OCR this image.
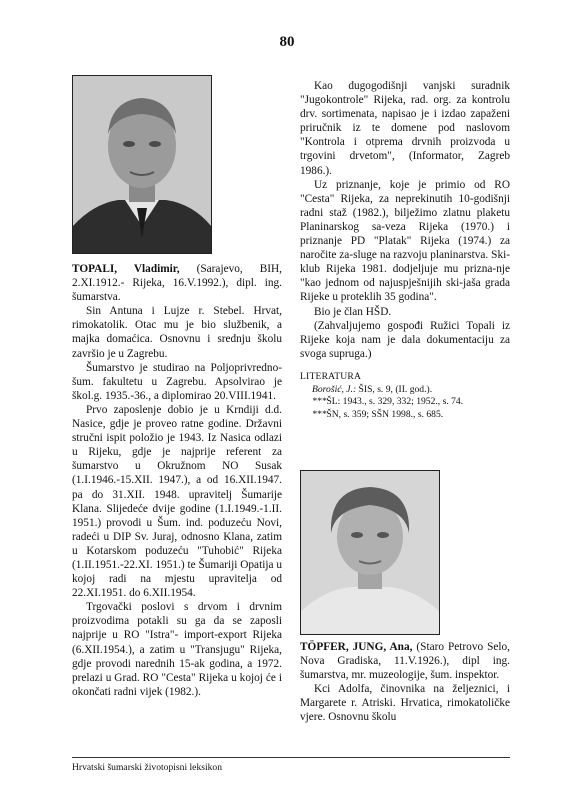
80

TOPALI, Vladimir, (Sarajevo, BIH, 2.XI.1912.- Rijeka, 16.V.1992.), dipl. ing. šumarstva.

Sin Antuna i Lujze r. Stebel. Hrvat, rimokatolik. Otac mu je bio službenik, a majka domaćica. Osnovnu i srednju školu završio je u Zagrebu.

Šumarstvo je studirao na Poljoprivredno-šum. fakultetu u Zagrebu. Apsolvirao je škol.g. 1935.-36., a diplomirao 20.VIII.1941.

Prvo zaposlenje dobio je u Krndiji d.d. Nasice, gdje je proveo ratne godine. Državni stručni ispit položio je 1943. Iz Nasica odlazi u Rijeku, gdje je najprije referent za šumarstvo u Okružnom NO Susak (1.I.1946.-15.XII. 1947.), a od 16.XII.1947. pa do 31.XII. 1948. upravitelj Šumarije Klana. Slijedeće dvije godine (1.I.1949.-1.II. 1951.) provodi u Šum. ind. poduzeću Novi, radeći u DIP Sv. Juraj, odnosno Klana, zatim u Kotarskom poduzeću "Tuhobić" Rijeka (1.II.1951.-22.XI. 1951.) te Šumariji Opatija u kojoj radi na mjestu upravitelja od 22.XI.1951. do 6.XII.1954.

Trgovački poslovi s drvom i drvnim proizvodima potakli su ga da se zaposli najprije u RO "Istra"- import-export Rijeka (6.XII.1954.), a zatim u "Transjugu" Rijeka, gdje provodi narednih 15-ak godina, a 1972. prelazi u Grad. RO "Cesta" Rijeka u kojoj će i okončati radni vijek (1982.).

Kao dugogodišnji vanjski suradnik "Jugokontrole" Rijeka, rad. org. za kontrolu drv. sortimenata, napisao je i izdao zapaženi priručnik iz te domene pod naslovom "Kontrola i otprema drvnih proizvoda u trgovini drvetom", (Informator, Zagreb 1986.).

Uz priznanje, koje je primio od RO "Cesta" Rijeka, za neprekinutih 10-godišnji radni staž (1982.), bilježimo zlatnu plaketu Planinarskog sa-veza Rijeka (1970.) i priznanje PD "Platak" Rijeka (1974.) za naročite za-sluge na razvoju planinarstva. Ski-klub Rijeka 1981. dodjeljuje mu prizna-nje "kao jednom od najuspješnijih ski-jaša grada Rijeke u proteklih 35 godina".

Bio je član HŠD.

(Zahvaljujemo gospođi Ružici Topali iz Rijeke koja nam je dala dokumentaciju za svoga supruga.)

LITERATURA
Borošić, J.: ŠIS, s. 9, (II. god.).
***ŠL: 1943., s. 329, 332; 1952., s. 74.
***ŠN, s. 359; SŠN 1998., s. 685.

TÖPFER, JUNG, Ana, (Staro Petrovo Selo, Nova Gradiska, 11.V.1926.), dipl ing. šumarstva, mr. muzeologije, šum. inspektor.

Kci Adolfa, činovnika na željeznici, i Margarete r. Atriski. Hrvatica, rimokatoličke vjere. Osnovnu školu

Hrvatski šumarski životopisni leksikon
